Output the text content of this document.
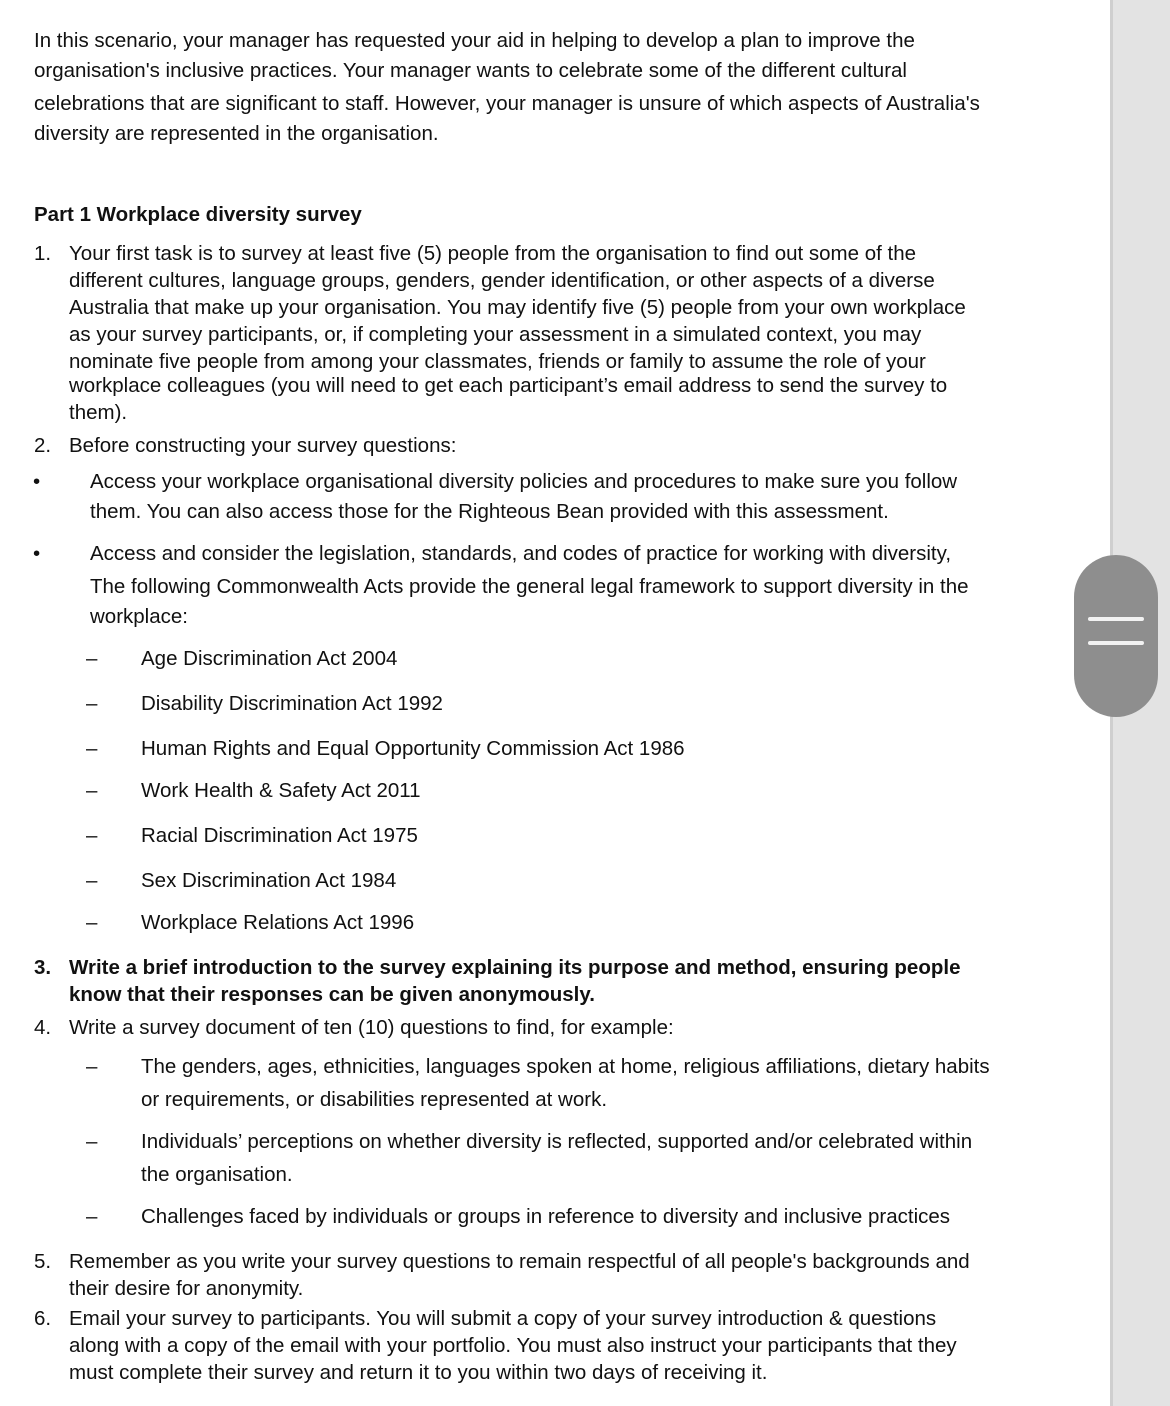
In this scenario, your manager has requested your aid in helping to develop a plan to improve the
organisation's inclusive practices. Your manager wants to celebrate some of the different cultural
celebrations that are significant to staff. However, your manager is unsure of which aspects of Australia's
diversity are represented in the organisation.
Part 1 Workplace diversity survey
1. Your first task is to survey at least five (5) people from the organisation to find out some of the
different cultures, language groups, genders, gender identification, or other aspects of a diverse
Australia that make up your organisation. You may identify five (5) people from your own workplace
as your survey participants, or, if completing your assessment in a simulated context, you may
nominate five people from among your classmates, friends or family to assume the role of your
workplace colleagues (you will need to get each participant’s email address to send the survey to
them).
2. Before constructing your survey questions:
• Access your workplace organisational diversity policies and procedures to make sure you follow
them. You can also access those for the Righteous Bean provided with this assessment.
• Access and consider the legislation, standards, and codes of practice for working with diversity,
The following Commonwealth Acts provide the general legal framework to support diversity in the
workplace:
– Age Discrimination Act 2004
– Disability Discrimination Act 1992
– Human Rights and Equal Opportunity Commission Act 1986
– Work Health & Safety Act 2011
– Racial Discrimination Act 1975
– Sex Discrimination Act 1984
– Workplace Relations Act 1996
3. Write a brief introduction to the survey explaining its purpose and method, ensuring people
know that their responses can be given anonymously.
4. Write a survey document of ten (10) questions to find, for example:
– The genders, ages, ethnicities, languages spoken at home, religious affiliations, dietary habits
or requirements, or disabilities represented at work.
– Individuals’ perceptions on whether diversity is reflected, supported and/or celebrated within
the organisation.
– Challenges faced by individuals or groups in reference to diversity and inclusive practices
5. Remember as you write your survey questions to remain respectful of all people's backgrounds and
their desire for anonymity.
6. Email your survey to participants. You will submit a copy of your survey introduction & questions
along with a copy of the email with your portfolio. You must also instruct your participants that they
must complete their survey and return it to you within two days of receiving it.
